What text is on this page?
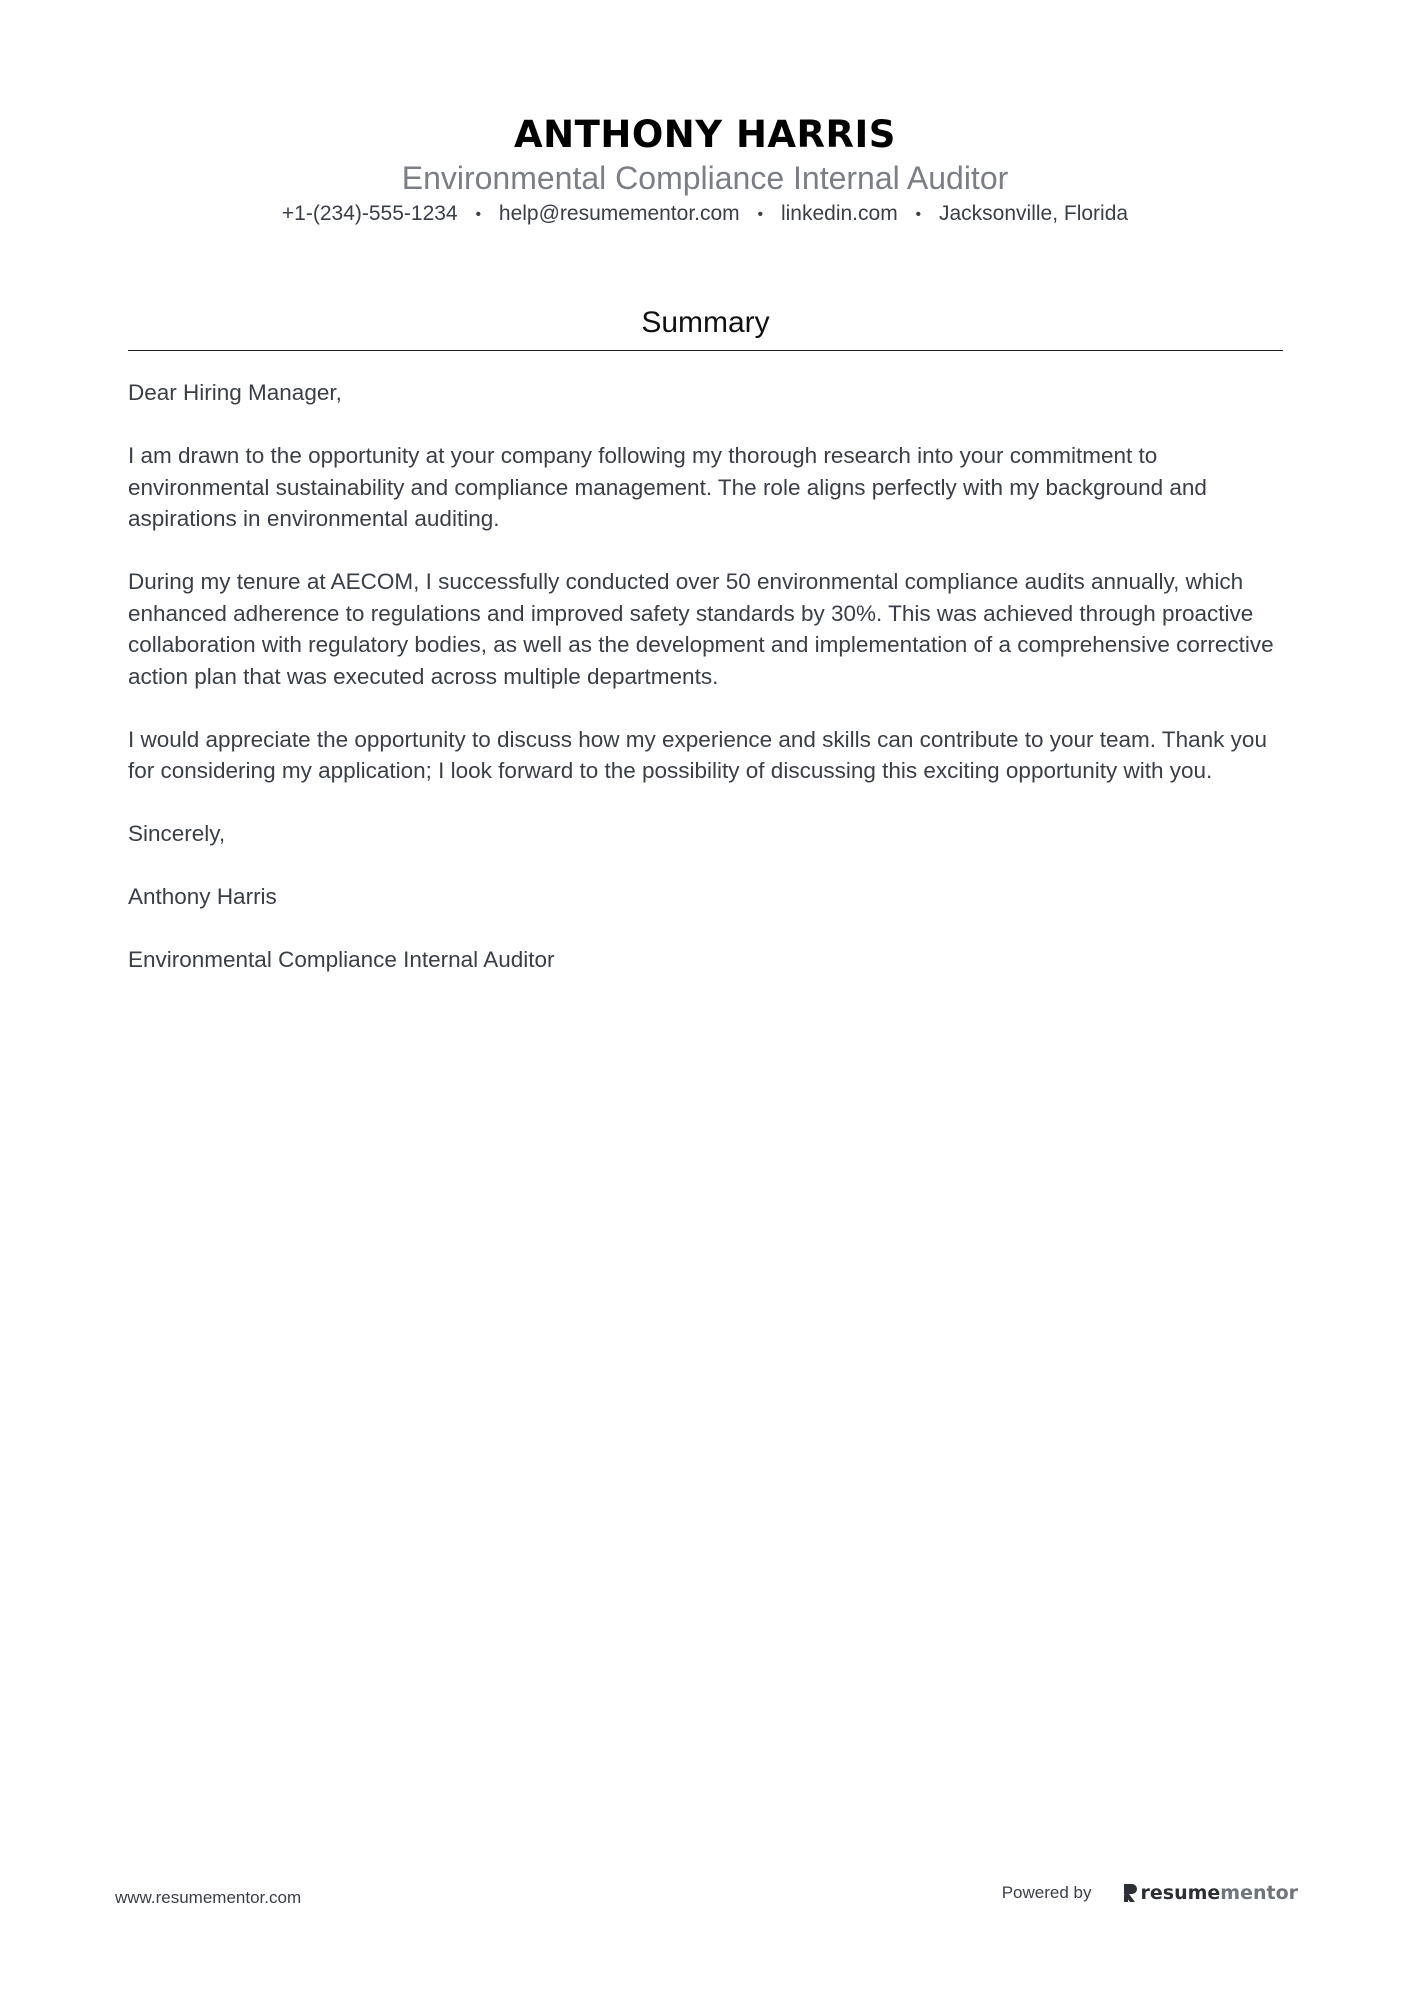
ANTHONY HARRIS
Environmental Compliance Internal Auditor
+1-(234)-555-1234 • help@resumementor.com • linkedin.com • Jacksonville, Florida
Summary

Dear Hiring Manager,

I am drawn to the opportunity at your company following my thorough research into your commitment to environmental sustainability and compliance management. The role aligns perfectly with my background and aspirations in environmental auditing.

During my tenure at AECOM, I successfully conducted over 50 environmental compliance audits annually, which enhanced adherence to regulations and improved safety standards by 30%. This was achieved through proactive collaboration with regulatory bodies, as well as the development and implementation of a comprehensive corrective action plan that was executed across multiple departments.

I would appreciate the opportunity to discuss how my experience and skills can contribute to your team. Thank you for considering my application; I look forward to the possibility of discussing this exciting opportunity with you.

Sincerely,

Anthony Harris

Environmental Compliance Internal Auditor

www.resumementor.com	Powered by	resume mentor
